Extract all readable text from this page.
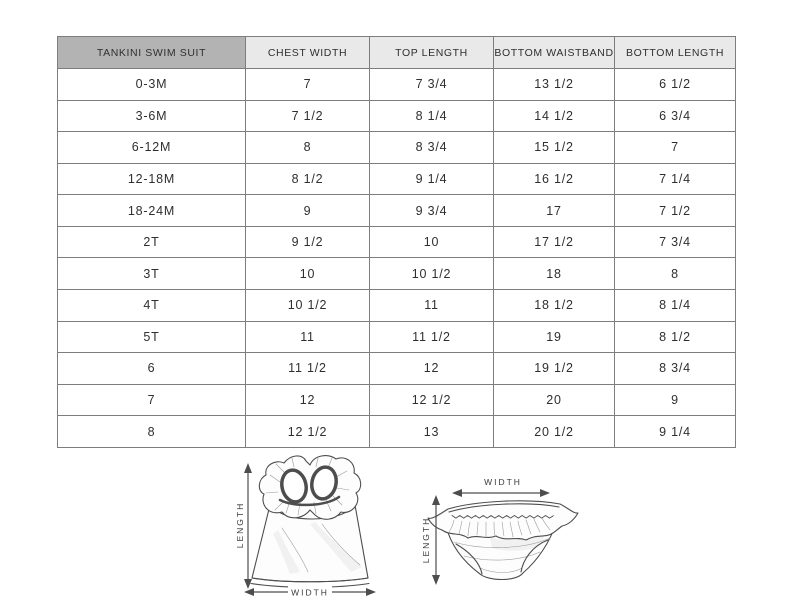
TANKINI SWIM SUIT	CHEST WIDTH	TOP LENGTH	BOTTOM WAISTBAND	BOTTOM LENGTH
0-3M	7	7 3/4	13 1/2	6 1/2
3-6M	7 1/2	8 1/4	14 1/2	6 3/4
6-12M	8	8 3/4	15 1/2	7
12-18M	8 1/2	9 1/4	16 1/2	7 1/4
18-24M	9	9 3/4	17	7 1/2
2T	9 1/2	10	17 1/2	7 3/4
3T	10	10 1/2	18	8
4T	10 1/2	11	18 1/2	8 1/4
5T	11	11 1/2	19	8 1/2
6	11 1/2	12	19 1/2	8 3/4
7	12	12 1/2	20	9
8	12 1/2	13	20 1/2	9 1/4
LENGTH
WIDTH
WIDTH
LENGTH
